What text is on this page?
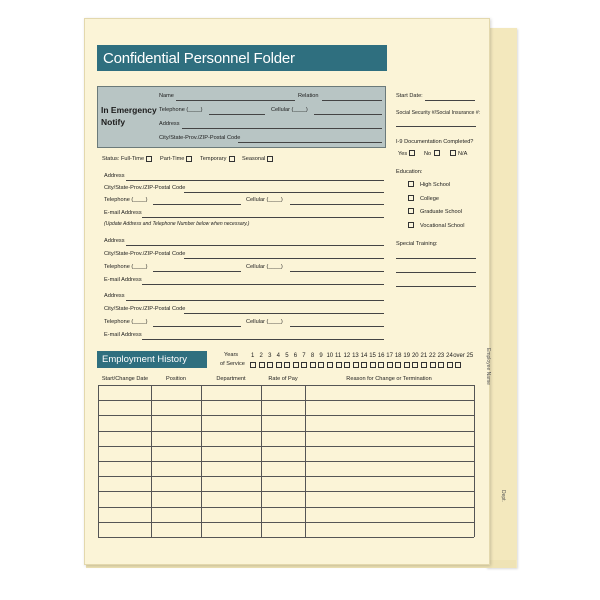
Employee Name
Dept.
Confidential Personnel Folder
In Emergency
Notify
Name	Relation
Telephone (____)	Cellular (____)
Address
City/State-Prov./ZIP-Postal Code
Status: Full-Time	Part-Time	Temporary	Seasonal
Address
City/State-Prov./ZIP-Postal Code
Telephone (____)	Cellular (____)
E-mail Address
(Update Address and Telephone Number below when necessary.)
Address
City/State-Prov./ZIP-Postal Code
Telephone (____)	Cellular (____)
E-mail Address
Address
City/State-Prov./ZIP-Postal Code
Telephone (____)	Cellular (____)
E-mail Address
Start Date:
Social Security #/Social Insurance #:
I-9 Documentation Completed?
Yes	No	N/A
Education:
High School
College
Graduate School
Vocational School
Special Training:
Employment History	Years
of Service
1 2 3 4 5 6 7 8 9 10 11 12 13 14 15 16 17 18 19 20 21 22 23 24 over 25
Start/Change Date	Position	Department	Rate of Pay	Reason for Change or Termination
